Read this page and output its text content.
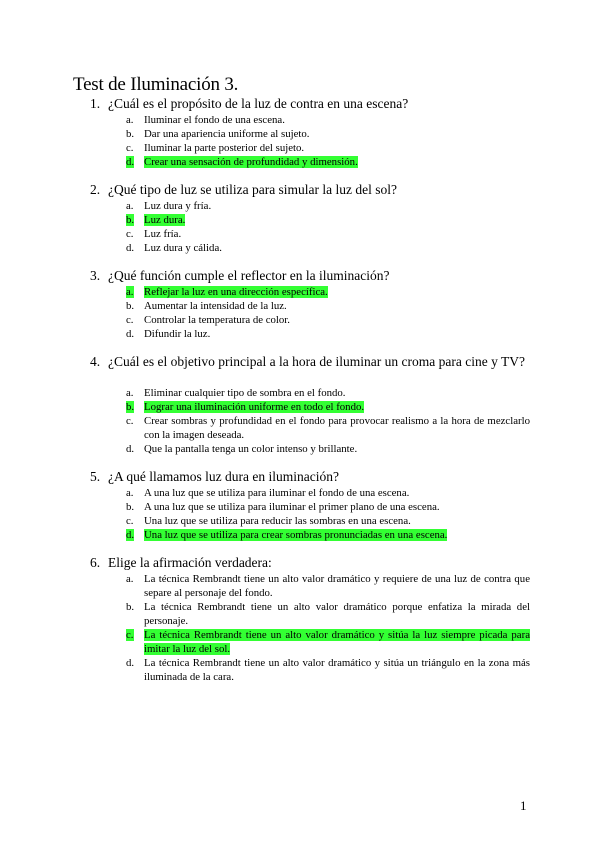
Test de Iluminación 3.
1. ¿Cuál es el propósito de la luz de contra en una escena?
a. Iluminar el fondo de una escena.
b. Dar una apariencia uniforme al sujeto.
c. Iluminar la parte posterior del sujeto.
d. Crear una sensación de profundidad y dimensión.
2. ¿Qué tipo de luz se utiliza para simular la luz del sol?
a. Luz dura y fría.
b. Luz dura.
c. Luz fría.
d. Luz dura y cálida.
3. ¿Qué función cumple el reflector en la iluminación?
a. Reflejar la luz en una dirección específica.
b. Aumentar la intensidad de la luz.
c. Controlar la temperatura de color.
d. Difundir la luz.
4. ¿Cuál es el objetivo principal a la hora de iluminar un croma para cine y TV?
a. Eliminar cualquier tipo de sombra en el fondo.
b. Lograr una iluminación uniforme en todo el fondo.
c. Crear sombras y profundidad en el fondo para provocar realismo a la hora de mezclarlo con la imagen deseada.
d. Que la pantalla tenga un color intenso y brillante.
5. ¿A qué llamamos luz dura en iluminación?
a. A una luz que se utiliza para iluminar el fondo de una escena.
b. A una luz que se utiliza para iluminar el primer plano de una escena.
c. Una luz que se utiliza para reducir las sombras en una escena.
d. Una luz que se utiliza para crear sombras pronunciadas en una escena.
6. Elige la afirmación verdadera:
a. La técnica Rembrandt tiene un alto valor dramático y requiere de una luz de contra que separe al personaje del fondo.
b. La técnica Rembrandt tiene un alto valor dramático porque enfatiza la mirada del personaje.
c. La técnica Rembrandt tiene un alto valor dramático y sitúa la luz siempre picada para imitar la luz del sol.
d. La técnica Rembrandt tiene un alto valor dramático y sitúa un triángulo en la zona más iluminada de la cara.
1
